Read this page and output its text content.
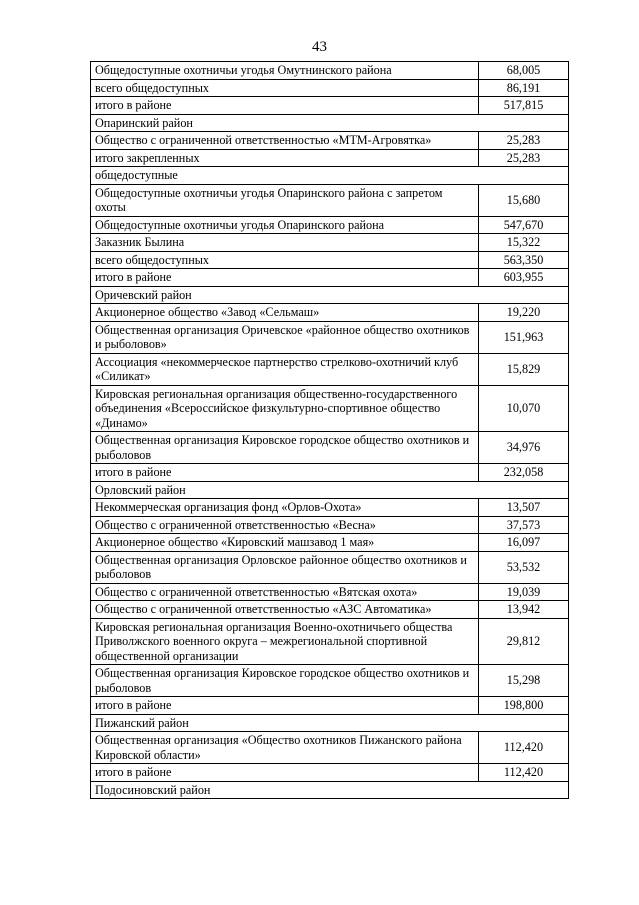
43
Общедоступные охотничьи угодья Омутнинского района	68,005
всего общедоступных	86,191
итого в районе	517,815
Опаринский район	
Общество с ограниченной ответственностью «МТМ-Агровятка»	25,283
итого закрепленных	25,283
общедоступные	
Общедоступные охотничьи угодья Опаринского района с запретом охоты	15,680
Общедоступные охотничьи угодья Опаринского района	547,670
Заказник Былина	15,322
всего общедоступных	563,350
итого в районе	603,955
Оричевский район	
Акционерное общество «Завод «Сельмаш»	19,220
Общественная организация Оричевское «районное общество охотников и рыболовов»	151,963
Ассоциация «некоммерческое партнерство стрелково-охотничий клуб «Силикат»	15,829
Кировская региональная организация общественно-государственного объединения «Всероссийское физкультурно-спортивное общество «Динамо»	10,070
Общественная организация Кировское городское общество охотников и рыболовов	34,976
итого в районе	232,058
Орловский район	
Некоммерческая организация фонд «Орлов-Охота»	13,507
Общество с ограниченной ответственностью «Весна»	37,573
Акционерное общество «Кировский машзавод 1 мая»	16,097
Общественная организация Орловское районное общество охотников и рыболовов	53,532
Общество с ограниченной ответственностью «Вятская охота»	19,039
Общество с ограниченной ответственностью «АЗС Автоматика»	13,942
Кировская региональная организация Военно-охотничьего общества Приволжского военного округа – межрегиональной спортивной общественной организации	29,812
Общественная организация Кировское городское общество охотников и рыболовов	15,298
итого в районе	198,800
Пижанский район	
Общественная организация «Общество охотников Пижанского района Кировской области»	112,420
итого в районе	112,420
Подосиновский район	
